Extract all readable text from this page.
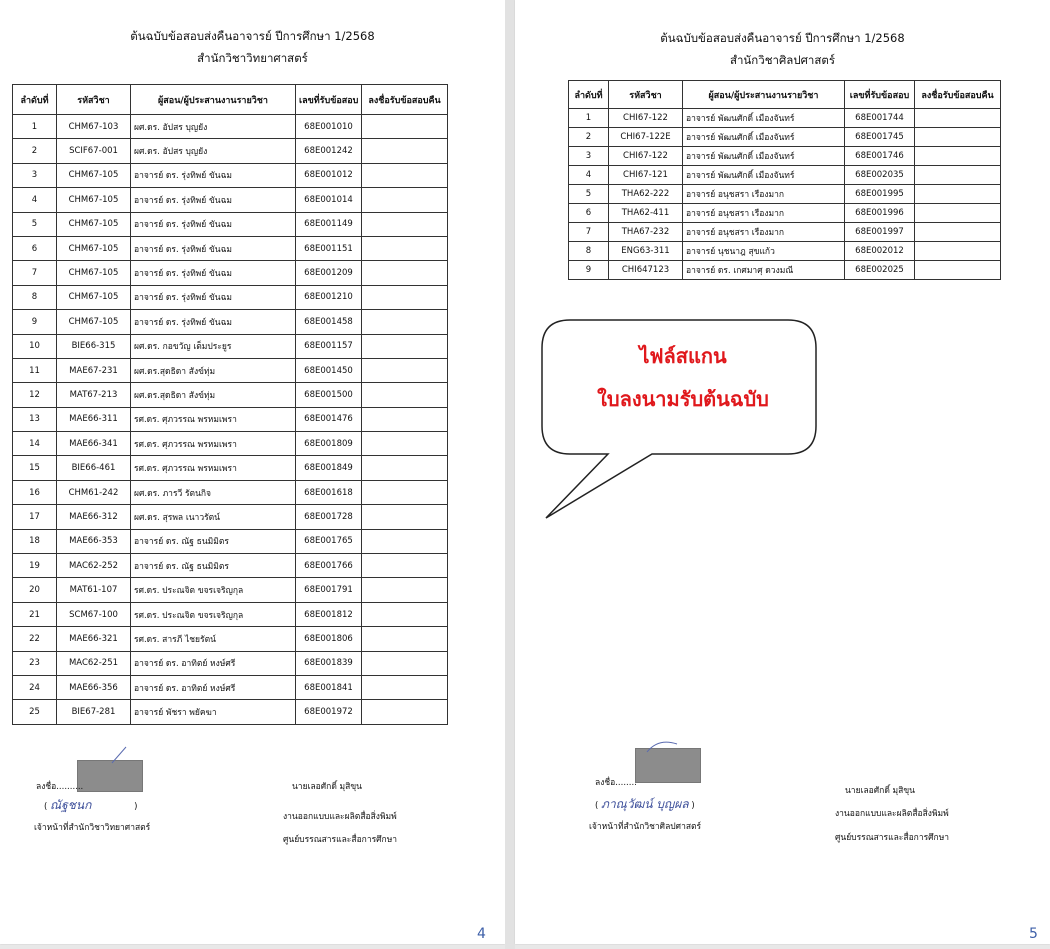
ต้นฉบับข้อสอบส่งคืนอาจารย์ ปีการศึกษา 1/2568
สำนักวิชาวิทยาศาสตร์
ลำดับที่	รหัสวิชา	ผู้สอน/ผู้ประสานงานรายวิชา	เลขที่รับข้อสอบ	ลงชื่อรับข้อสอบคืน
1	CHM67-103	ผศ.ดร. อัปสร บุญยัง	68E001010	
2	SCIF67-001	ผศ.ดร. อัปสร บุญยัง	68E001242	
3	CHM67-105	อาจารย์ ดร. รุ่งทิพย์ ขันฉม	68E001012	
4	CHM67-105	อาจารย์ ดร. รุ่งทิพย์ ขันฉม	68E001014	
5	CHM67-105	อาจารย์ ดร. รุ่งทิพย์ ขันฉม	68E001149	
6	CHM67-105	อาจารย์ ดร. รุ่งทิพย์ ขันฉม	68E001151	
7	CHM67-105	อาจารย์ ดร. รุ่งทิพย์ ขันฉม	68E001209	
8	CHM67-105	อาจารย์ ดร. รุ่งทิพย์ ขันฉม	68E001210	
9	CHM67-105	อาจารย์ ดร. รุ่งทิพย์ ขันฉม	68E001458	
10	BIE66-315	ผศ.ดร. กอขวัญ เต็มประยูร	68E001157	
11	MAE67-231	ผศ.ดร.สุดธิดา สังข์ทุ่ม	68E001450	
12	MAT67-213	ผศ.ดร.สุดธิดา สังข์ทุ่ม	68E001500	
13	MAE66-311	รศ.ดร. ศุภวรรณ พรหมเพรา	68E001476	
14	MAE66-341	รศ.ดร. ศุภวรรณ พรหมเพรา	68E001809	
15	BIE66-461	รศ.ดร. ศุภวรรณ พรหมเพรา	68E001849	
16	CHM61-242	ผศ.ดร. ภารวี รัตนกิจ	68E001618	
17	MAE66-312	ผศ.ดร. สุรพล เนาวรัตน์	68E001728	
18	MAE66-353	อาจารย์ ดร. ณัฐ ธนมิมิตร	68E001765	
19	MAC62-252	อาจารย์ ดร. ณัฐ ธนมิมิตร	68E001766	
20	MAT61-107	รศ.ดร. ประณจิต ขจรเจริญกุล	68E001791	
21	SCM67-100	รศ.ดร. ประณจิต ขจรเจริญกุล	68E001812	
22	MAE66-321	รศ.ดร. สารภี ไชยรัตน์	68E001806	
23	MAC62-251	อาจารย์ ดร. อาทิตย์ หงษ์ศรี	68E001839	
24	MAE66-356	อาจารย์ ดร. อาทิตย์ หงษ์ศรี	68E001841	
25	BIE67-281	อาจารย์ พัชรา พยัคฆา	68E001972	
ลงชื่อ..........
( ณัฐชนก	)
เจ้าหน้าที่สำนักวิชาวิทยาศาสตร์
นายเลอศักดิ์ มุสิขุน
งานออกแบบและผลิตสื่อสิ่งพิมพ์
ศูนย์บรรณสารและสื่อการศึกษา
4
ต้นฉบับข้อสอบส่งคืนอาจารย์ ปีการศึกษา 1/2568
สำนักวิชาศิลปศาสตร์
ลำดับที่	รหัสวิชา	ผู้สอน/ผู้ประสานงานรายวิชา	เลขที่รับข้อสอบ	ลงชื่อรับข้อสอบคืน
1	CHI67-122	อาจารย์ พัฒนศักดิ์ เมืองจันทร์	68E001744	
2	CHI67-122E	อาจารย์ พัฒนศักดิ์ เมืองจันทร์	68E001745	
3	CHI67-122	อาจารย์ พัฒนศักดิ์ เมืองจันทร์	68E001746	
4	CHI67-121	อาจารย์ พัฒนศักดิ์ เมืองจันทร์	68E002035	
5	THA62-222	อาจารย์ อนุชสรา เรืองมาก	68E001995	
6	THA62-411	อาจารย์ อนุชสรา เรืองมาก	68E001996	
7	THA67-232	อาจารย์ อนุชสรา เรืองมาก	68E001997	
8	ENG63-311	อาจารย์ นุชนาฎ สุขแก้ว	68E002012	
9	CHI647123	อาจารย์ ดร. เกศมาศุ ดวงมณี	68E002025	
ลงชื่อ........
( ภาณุวัฒน์ บุญผล )
เจ้าหน้าที่สำนักวิชาศิลปศาสตร์
นายเลอศักดิ์ มุสิขุน
งานออกแบบและผลิตสื่อสิ่งพิมพ์
ศูนย์บรรณสารและสื่อการศึกษา
5
ไฟล์สแกน
ใบลงนามรับต้นฉบับ
